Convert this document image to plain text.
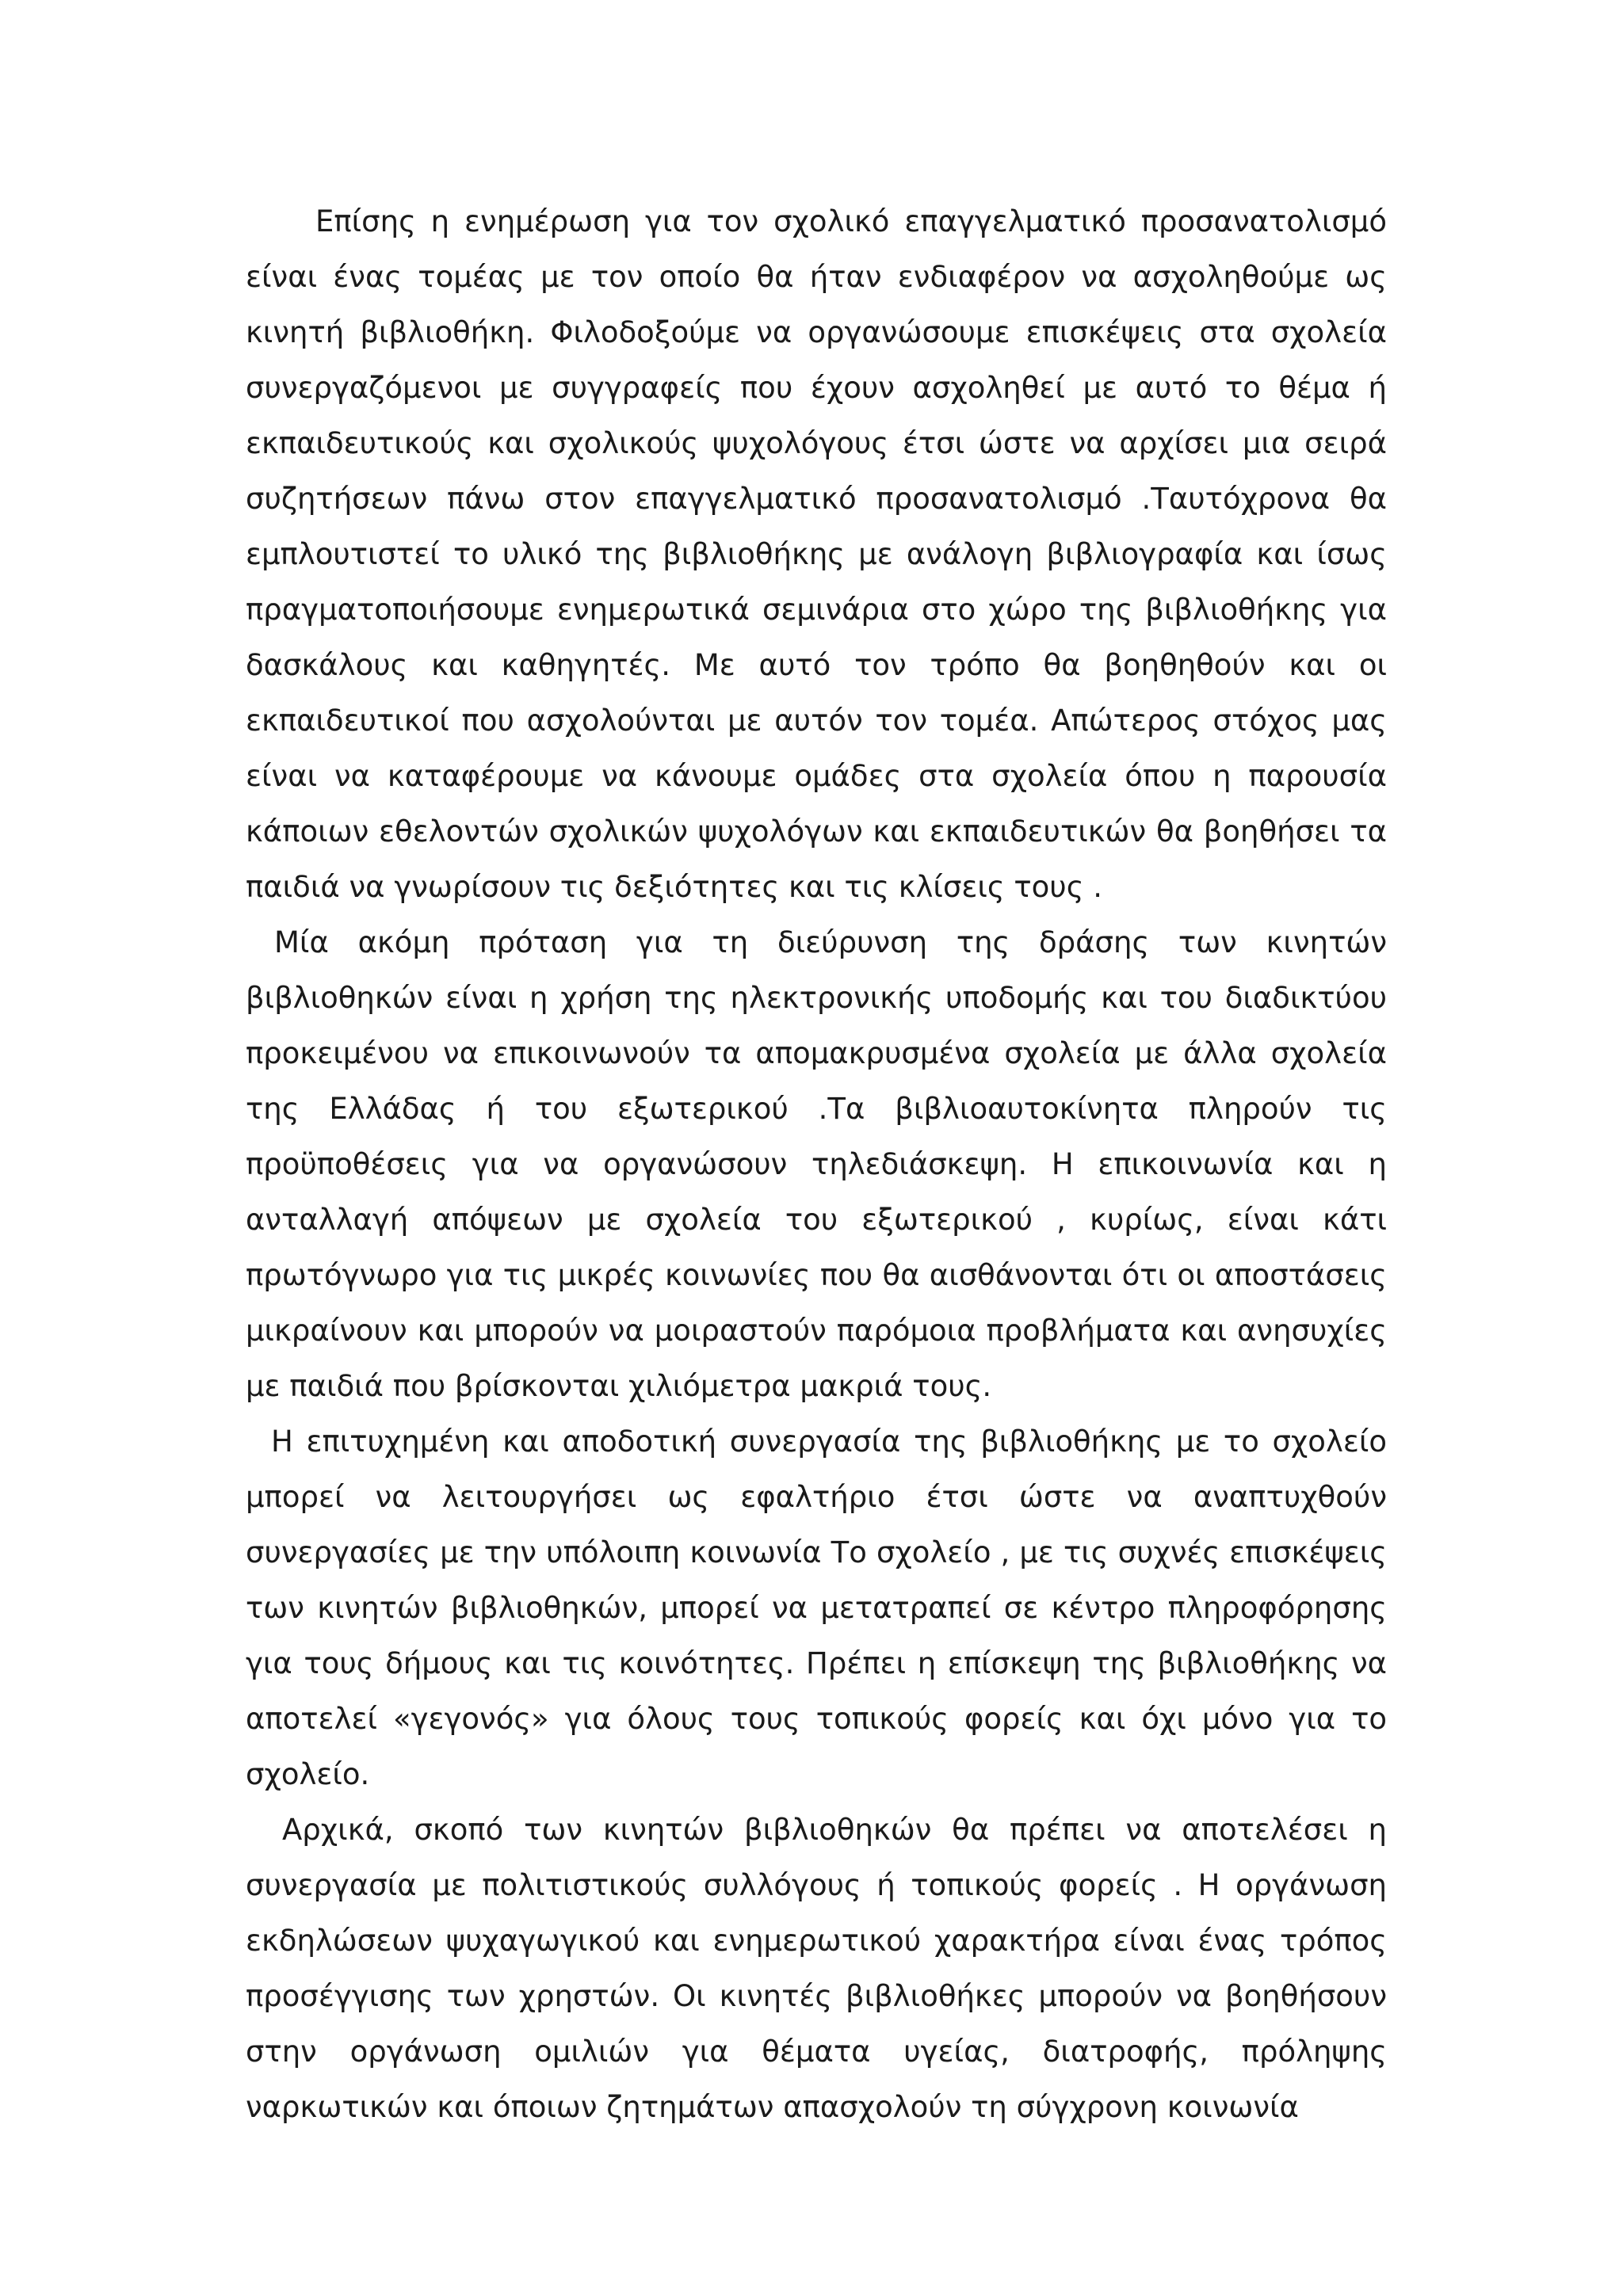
Επίσης η ενημέρωση για τον σχολικό επαγγελματικό προσανατολισμό είναι ένας τομέας με τον οποίο θα ήταν ενδιαφέρον να ασχοληθούμε ως κινητή βιβλιοθήκη. Φιλοδοξούμε να οργανώσουμε επισκέψεις στα σχολεία συνεργαζόμενοι με συγγραφείς που έχουν ασχοληθεί με αυτό το θέμα ή εκπαιδευτικούς και σχολικούς ψυχολόγους έτσι ώστε να αρχίσει μια σειρά συζητήσεων πάνω στον επαγγελματικό προσανατολισμό .Ταυτόχρονα θα εμπλουτιστεί το υλικό της βιβλιοθήκης με ανάλογη βιβλιογραφία και ίσως πραγματοποιήσουμε ενημερωτικά σεμινάρια στο χώρο της βιβλιοθήκης για δασκάλους και καθηγητές. Με αυτό τον τρόπο θα βοηθηθούν και οι εκπαιδευτικοί που ασχολούνται με αυτόν τον τομέα. Απώτερος στόχος μας είναι να καταφέρουμε να κάνουμε ομάδες στα σχολεία όπου η παρουσία κάποιων εθελοντών σχολικών ψυχολόγων και εκπαιδευτικών θα βοηθήσει τα παιδιά να γνωρίσουν τις δεξιότητες και τις κλίσεις τους .

Μία ακόμη πρόταση για τη διεύρυνση της δράσης των κινητών βιβλιοθηκών είναι η χρήση της ηλεκτρονικής υποδομής και του διαδικτύου προκειμένου να επικοινωνούν τα απομακρυσμένα σχολεία με άλλα σχολεία της Ελλάδας ή του εξωτερικού .Τα βιβλιοαυτοκίνητα πληρούν τις προϋποθέσεις για να οργανώσουν τηλεδιάσκεψη. Η επικοινωνία και η ανταλλαγή απόψεων με σχολεία του εξωτερικού , κυρίως, είναι κάτι πρωτόγνωρο για τις μικρές κοινωνίες που θα αισθάνονται ότι οι αποστάσεις μικραίνουν και μπορούν να μοιραστούν παρόμοια προβλήματα και ανησυχίες με παιδιά που βρίσκονται χιλιόμετρα μακριά τους.

Η επιτυχημένη και αποδοτική συνεργασία της βιβλιοθήκης με το σχολείο μπορεί να λειτουργήσει ως εφαλτήριο έτσι ώστε να αναπτυχθούν συνεργασίες με την υπόλοιπη κοινωνία Το σχολείο , με τις συχνές επισκέψεις των κινητών βιβλιοθηκών, μπορεί να μετατραπεί σε κέντρο πληροφόρησης για τους δήμους και τις κοινότητες. Πρέπει η επίσκεψη της βιβλιοθήκης να αποτελεί «γεγονός» για όλους τους τοπικούς φορείς και όχι μόνο για το σχολείο.

Αρχικά, σκοπό των κινητών βιβλιοθηκών θα πρέπει να αποτελέσει η συνεργασία με πολιτιστικούς συλλόγους ή τοπικούς φορείς . Η οργάνωση εκδηλώσεων ψυχαγωγικού και ενημερωτικού χαρακτήρα είναι ένας τρόπος προσέγγισης των χρηστών. Οι κινητές βιβλιοθήκες μπορούν να βοηθήσουν στην οργάνωση ομιλιών για θέματα υγείας, διατροφής, πρόληψης ναρκωτικών και όποιων ζητημάτων απασχολούν τη σύγχρονη κοινωνία
